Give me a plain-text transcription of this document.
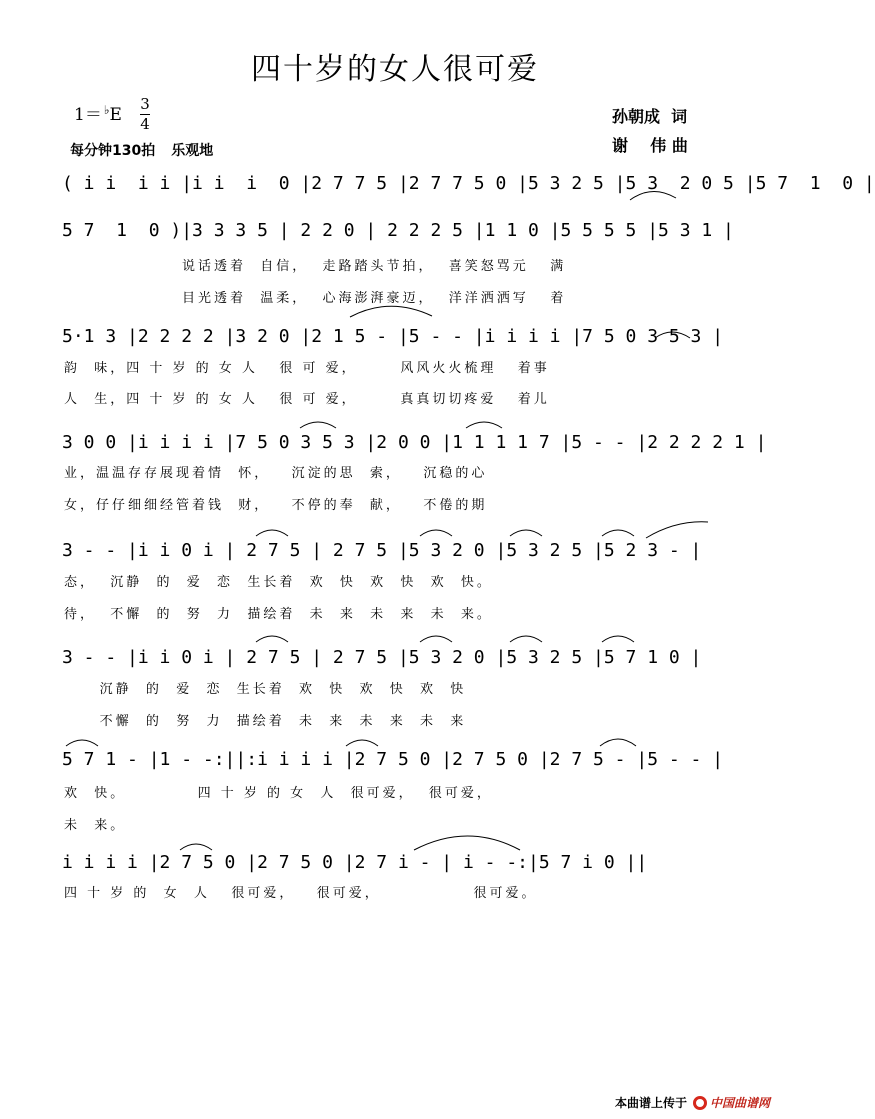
四十岁的女人很可爱
1＝ ♭E
3
4
每分钟130拍 乐观地
孙朝成  词
谢    伟 曲
( i i  i i |i i  i  0 |2 7 7 5 |2 7 7 5 0 |5 3 2 5 |5 3  2 0 5 |5 7  1  0 |
5 7  1  0 )|3 3 3 5 | 2 2 0 | 2 2 2 5 |1 1 0 |5 5 5 5 |5 3 1 |
说话透着  自信，  走路踏头节拍，  喜笑怒骂元   满
目光透着  温柔，  心海澎湃豪迈，  洋洋洒洒写   着
5·1 3 |2 2 2 2 |3 2 0 |2 1 5 - |5 - - |i i i i |7 5 0 3 5 3 |
韵  味，四 十 岁 的 女 人   很 可 爱，      风风火火梳理   着事
人  生，四 十 岁 的 女 人   很 可 爱，      真真切切疼爱   着儿
3 0 0 |i i i i |7 5 0 3 5 3 |2 0 0 |1 1 1 1 7 |5 - - |2 2 2 2 1 |
业，温温存存展现着情  怀，   沉淀的思  索，   沉稳的心
女，仔仔细细经管着钱  财，   不停的奉  献，   不倦的期
3 - - |i i 0 i | 2 7 5 | 2 7 5 |5 3 2 0 |5 3 2 5 |5 2 3 - |
态，  沉静  的  爱  恋  生长着  欢  快  欢  快  欢  快。
待，  不懈  的  努  力  描绘着  未  来  未  来  未  来。
3 - - |i i 0 i | 2 7 5 | 2 7 5 |5 3 2 0 |5 3 2 5 |5 7 1 0 |
沉静  的  爱  恋  生长着  欢  快  欢  快  欢  快
不懈  的  努  力  描绘着  未  来  未  来  未  来
5 7 1 - |1 - -:||:i i i i |2 7 5 0 |2 7 5 0 |2 7 5 - |5 - - |
欢  快。          四 十 岁 的 女  人  很可爱，  很可爱，
未  来。
i i i i |2 7 5 0 |2 7 5 0 |2 7 i - | i - -:|5 7 i 0 ||
四 十 岁 的  女  人   很可爱，   很可爱，             很可爱。
本曲谱上传于 中国曲谱网
